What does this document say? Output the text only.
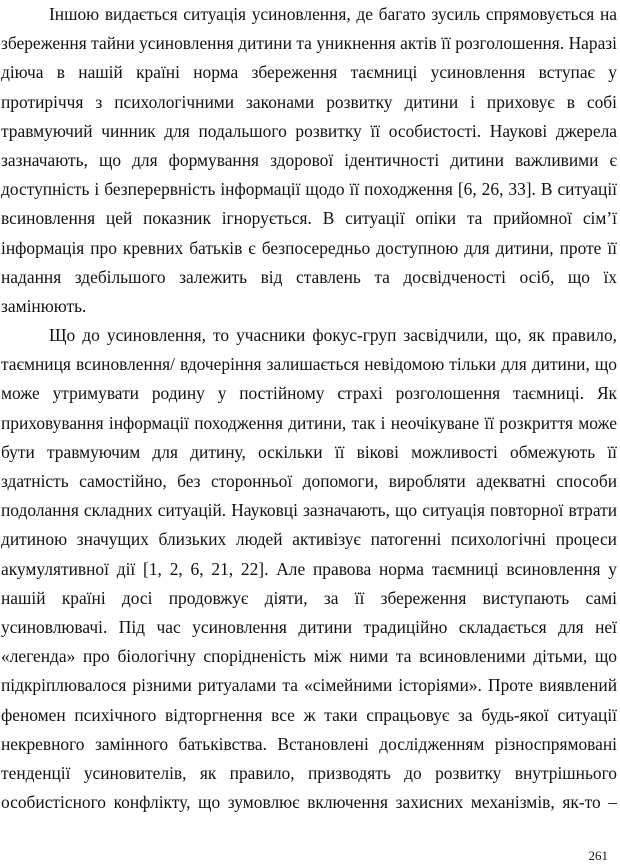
Іншою видається ситуація усиновлення, де багато зусиль спрямовується на
збереження тайни усиновлення дитини та уникнення актів її розголошення. Наразі
діюча в нашій країні норма збереження таємниці усиновлення вступає у
протиріччя з психологічними законами розвитку дитини і приховує в собі
травмуючий чинник для подальшого розвитку її особистості. Наукові джерела
зазначають, що для формування здорової ідентичності дитини важливими є
доступність і безперервність інформації щодо її походження [6, 26, 33]. В ситуації
всиновлення цей показник ігнорується. В ситуації опіки та прийомної сім’ї
інформація про кревних батьків є безпосередньо доступною для дитини, проте її
надання здебільшого залежить від ставлень та досвідченості осіб, що їх
замінюють.
Що до усиновлення, то учасники фокус-груп засвідчили, що, як правило,
таємниця всиновлення/ вдочеріння залишається невідомою тільки для дитини, що
може утримувати родину у постійному страхі розголошення таємниці. Як
приховування інформації походження дитини, так і неочікуване її розкриття може
бути травмуючим для дитину, оскільки її вікові можливості обмежують її
здатність самостійно, без сторонньої допомоги, виробляти адекватні способи
подолання складних ситуацій. Науковці зазначають, що ситуація повторної втрати
дитиною значущих близьких людей активізує патогенні психологічні процеси
акумулятивної дії [1, 2, 6, 21, 22]. Але правова норма таємниці всиновлення у
нашій країні досі продовжує діяти, за її збереження виступають самі
усиновлювачі. Під час усиновлення дитини традиційно складається для неї
«легенда» про біологічну спорідненість між ними та всиновленими дітьми, що
підкріплювалося різними ритуалами та «сімейними історіями». Проте виявлений
феномен психічного відторгнення все ж таки спрацьовує за будь-якої ситуації
некревного замінного батьківства. Встановлені дослідженням різноспрямовані
тенденції усиновителів, як правило, призводять до розвитку внутрішнього
особистісного конфлікту, що зумовлює включення захисних механізмів, як-то –
261
